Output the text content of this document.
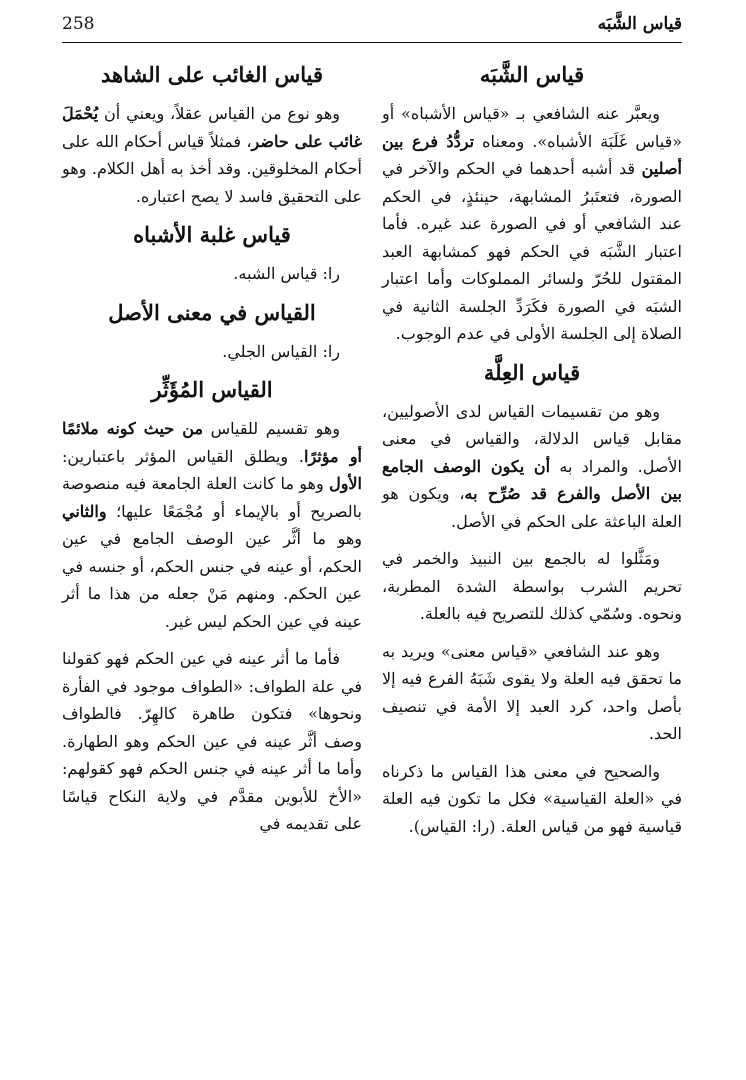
258	قياس الشَّبَه
قياس الشَّبَه

ويعبَّر عنه الشافعي بـ «قياس الأشباه» أو «قياس غَلَبَة الأشباه». ومعناه تردُّدُ فرع بين أصلين قد أشبه أحدهما في الحكم والآخر في الصورة، فتعتَبرُ المشابهة، حينئذٍ، في الحكم عند الشافعي أو في الصورة عند غيره. فأما اعتبار الشَّبَه في الحكم فهو كمشابهة العبد المقتول للحُرّ ولسائر المملوكات وأما اعتبار الشبَه في الصورة فكَرَدِّ الجلسة الثانية في الصلاة إلى الجلسة الأولى في عدم الوجوب.

قياس العِلَّة

وهو من تقسيمات القياس لدى الأصوليين، مقابل قياس الدلالة، والقياس في معنى الأصل. والمراد به أن يكون الوصف الجامع بين الأصل والفرع قد صُرِّح به، ويكون هو العلة الباعثة على الحكم في الأصل.

ومَثَّلوا له بالجمع بين النبيذ والخمر في تحريم الشرب بواسطة الشدة المطربة، ونحوه. وسُمّي كذلك للتصريح فيه بالعلة.

وهو عند الشافعي «قياس معنى» ويريد به ما تحقق فيه العلة ولا يقوى شَبَهُ الفرع فيه إلا بأصل واحد، كرد العبد إلا الأمة في تنصيف الحد.

والصحيح في معنى هذا القياس ما ذكرناه في «العلة القياسية» فكل ما تكون فيه العلة قياسية فهو من قياس العلة. (را: القياس).

قياس الغائب على الشاهد

وهو نوع من القياس عقلاً، ويعني أن يُحْمَلَ غائب على حاضر، فمثلاً قياس أحكام الله على أحكام المخلوقين. وقد أخذ به أهل الكلام. وهو على التحقيق فاسد لا يصح اعتباره.

قياس غلبة الأشباه

را: قياس الشبه.

القياس في معنى الأصل

را: القياس الجلي.

القياس المُؤَثِّر

وهو تقسيم للقياس من حيث كونه ملائمًا أو مؤثرًا. ويطلق القياس المؤثر باعتبارين: الأول وهو ما كانت العلة الجامعة فيه منصوصة بالصريح أو بالإيماء أو مُجْمَعًا عليها؛ والثاني وهو ما أثَّر عين الوصف الجامع في عين الحكم، أو عينه في جنس الحكم، أو جنسه في عين الحكم. ومنهم مَنْ جعله من هذا ما أثر عينه في عين الحكم ليس غير.

فأما ما أثر عينه في عين الحكم فهو كقولنا في علة الطواف: «الطواف موجود في الفأرة ونحوها» فتكون طاهرة كالهِرّ. فالطواف وصف أثَّر عينه في عين الحكم وهو الطهارة. وأما ما أثر عينه في جنس الحكم فهو كقولهم: «الأخ للأبوين مقدَّم في ولاية النكاح قياسًا على تقديمه في
